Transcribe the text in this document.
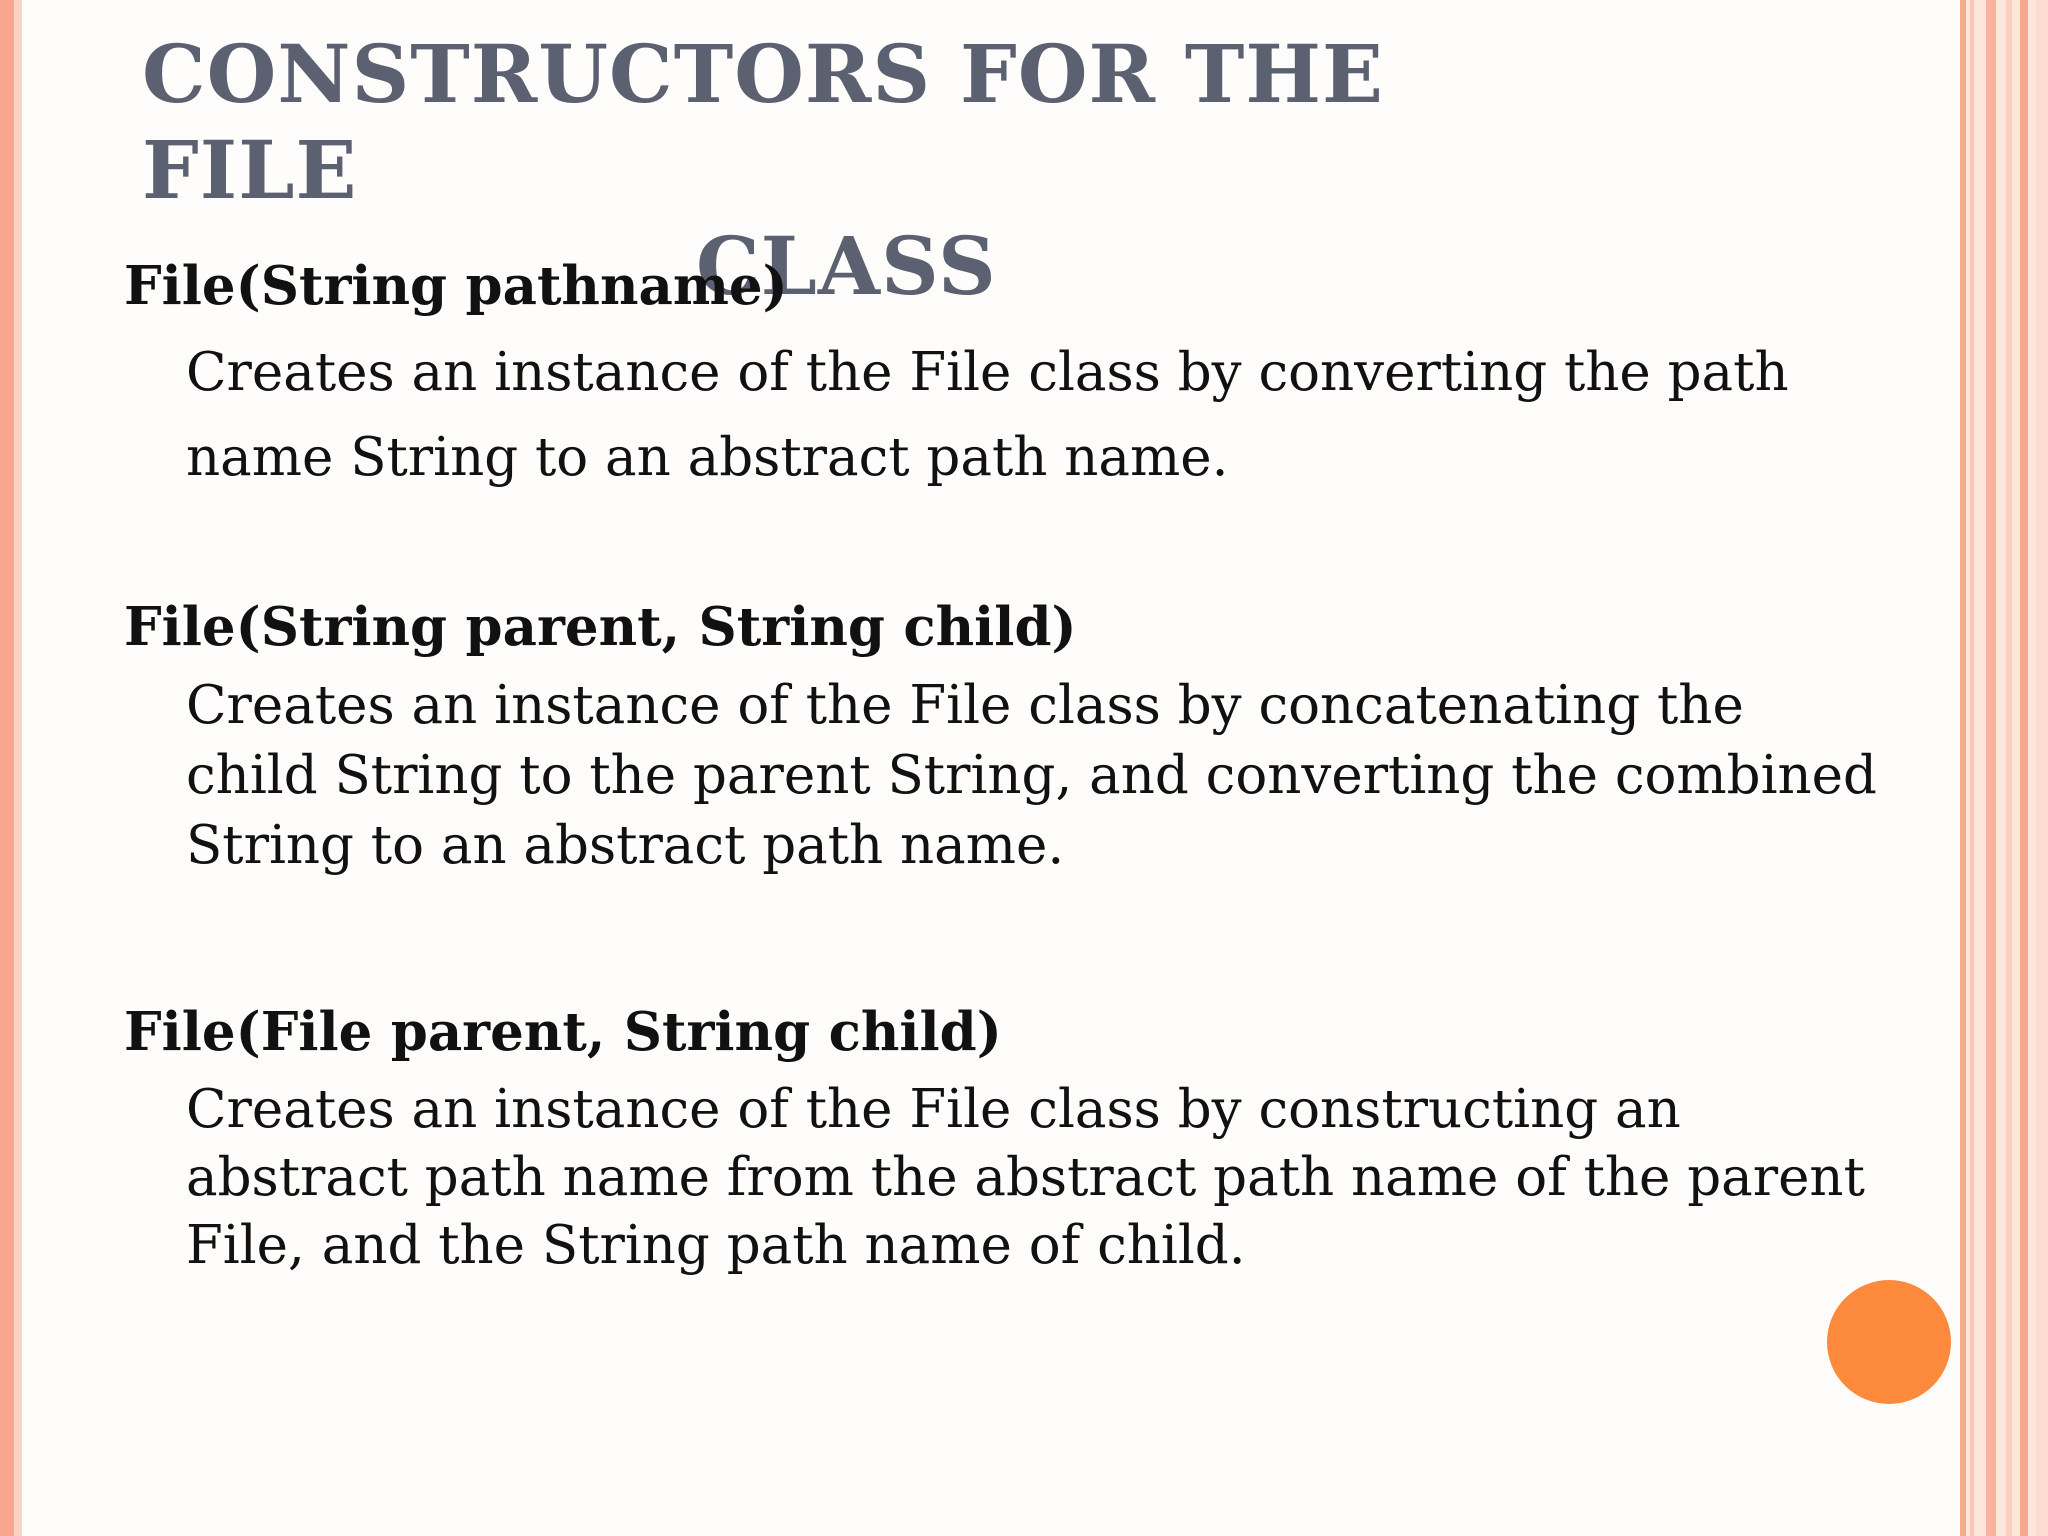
CONSTRUCTORS FOR THE FILE
CLASS

File(String pathname)

Creates an instance of the File class by converting the path name String to an abstract path name.

File(String parent, String child)

Creates an instance of the File class by concatenating the child String to the parent String, and converting the combined String to an abstract path name.

File(File parent, String child)

Creates an instance of the File class by constructing an abstract path name from the abstract path name of the parent File, and the String path name of child.
